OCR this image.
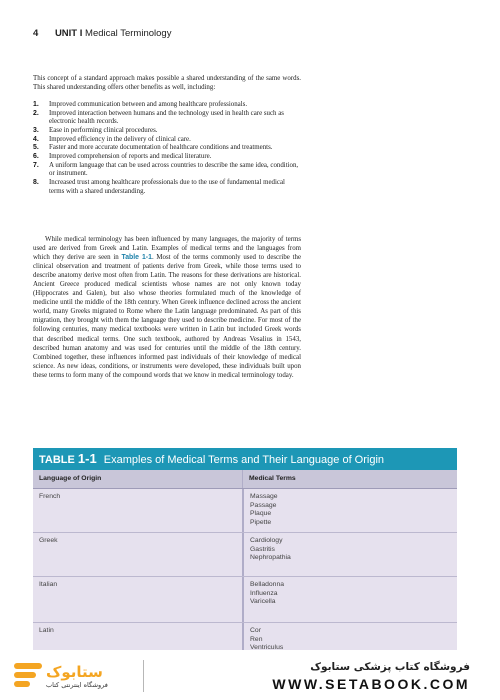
4 UNIT I Medical Terminology

This concept of a standard approach makes possible a shared understanding of the same words. This shared understanding offers other benefits as well, including:

1. Improved communication between and among healthcare professionals.
2. Improved interaction between humans and the technology used in health care such as electronic health records.
3. Ease in performing clinical procedures.
4. Improved efficiency in the delivery of clinical care.
5. Faster and more accurate documentation of healthcare conditions and treatments.
6. Improved comprehension of reports and medical literature.
7. A uniform language that can be used across countries to describe the same idea, condition, or instrument.
8. Increased trust among healthcare professionals due to the use of fundamental medical terms with a shared understanding.

While medical terminology has been influenced by many languages, the majority of terms used are derived from Greek and Latin. Examples of medical terms and the languages from which they derive are seen in Table 1-1. Most of the terms commonly used to describe the clinical observation and treatment of patients derive from Greek, while those terms used to describe anatomy derive most often from Latin. The reasons for these derivations are historical. Ancient Greece produced medical scientists whose names are not only known today (Hippocrates and Galen), but also whose theories formulated much of the knowledge of medicine until the middle of the 18th century. When Greek influence declined across the ancient world, many Greeks migrated to Rome where the Latin language predominated. As part of this migration, they brought with them the language they used to describe medicine. For most of the following centuries, many medical textbooks were written in Latin but included Greek words that described medical terms. One such textbook, authored by Andreas Vesalius in 1543, described human anatomy and was used for centuries until the middle of the 18th century. Combined together, these influences informed past individuals of their knowledge of medical science. As new ideas, conditions, or instruments were developed, these individuals built upon these terms to form many of the compound words that we know in medical terminology today.

TABLE 1-1 Examples of Medical Terms and Their Language of Origin
Language of Origin	Medical Terms
French	Massage
Passage
Plaque
Pipette
Greek	Cardiology
Gastritis
Nephropathia
Italian	Belladonna
Influenza
Varicella
Latin	Cor
Ren
Ventriculus
ستابوک
فروشگاه اینترنتی کتاب
فروشگاه کتاب پزشکی ستابوک
WWW.SETABOOK.COM
